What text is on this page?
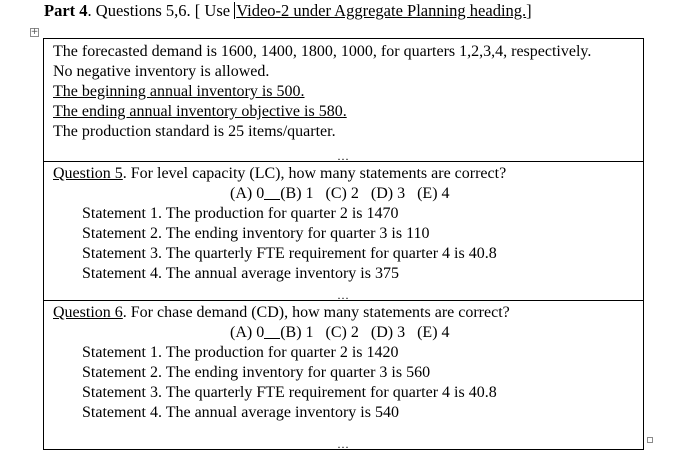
Part 4. Questions 5,6. [ Use Video-2 under Aggregate Planning heading.]
+
The forecasted demand is 1600, 1400, 1800, 1000, for quarters 1,2,3,4, respectively.
No negative inventory is allowed.
The beginning annual inventory is 500.
The ending annual inventory objective is 580.
The production standard is 25 items/quarter.
...
Question 5. For level capacity (LC), how many statements are correct?
(A) 0 (B) 1   (C) 2   (D) 3   (E) 4
Statement 1. The production for quarter 2 is 1470
Statement 2. The ending inventory for quarter 3 is 110
Statement 3. The quarterly FTE requirement for quarter 4 is 40.8
Statement 4. The annual average inventory is 375
...
Question 6. For chase demand (CD), how many statements are correct?
(A) 0 (B) 1   (C) 2   (D) 3   (E) 4
Statement 1. The production for quarter 2 is 1420
Statement 2. The ending inventory for quarter 3 is 560
Statement 3. The quarterly FTE requirement for quarter 4 is 40.8
Statement 4. The annual average inventory is 540
...
